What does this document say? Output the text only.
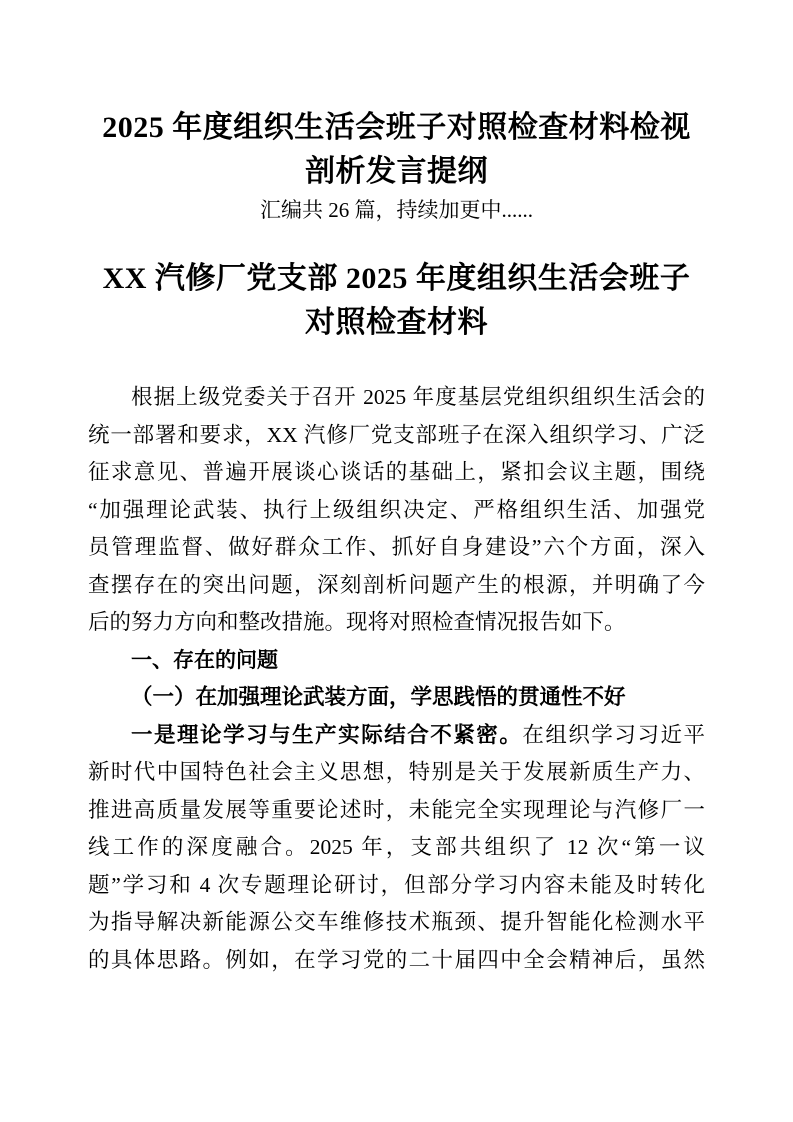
2025 年度组织生活会班子对照检查材料检视
剖析发言提纲
汇编共 26 篇，持续加更中......
XX 汽修厂党支部 2025 年度组织生活会班子
对照检查材料
根据上级党委关于召开 2025 年度基层党组织组织生活会的
统一部署和要求，XX 汽修厂党支部班子在深入组织学习、广泛
征求意见、普遍开展谈心谈话的基础上，紧扣会议主题，围绕
“加强理论武装、执行上级组织决定、严格组织生活、加强党
员管理监督、做好群众工作、抓好自身建设”六个方面，深入
查摆存在的突出问题，深刻剖析问题产生的根源，并明确了今
后的努力方向和整改措施。现将对照检查情况报告如下。
一、存在的问题
（一）在加强理论武装方面，学思践悟的贯通性不好
一是理论学习与生产实际结合不紧密。在组织学习习近平
新时代中国特色社会主义思想，特别是关于发展新质生产力、
推进高质量发展等重要论述时，未能完全实现理论与汽修厂一
线工作的深度融合。2025 年，支部共组织了 12 次“第一议
题”学习和 4 次专题理论研讨，但部分学习内容未能及时转化
为指导解决新能源公交车维修技术瓶颈、提升智能化检测水平
的具体思路。例如，在学习党的二十届四中全会精神后，虽然
